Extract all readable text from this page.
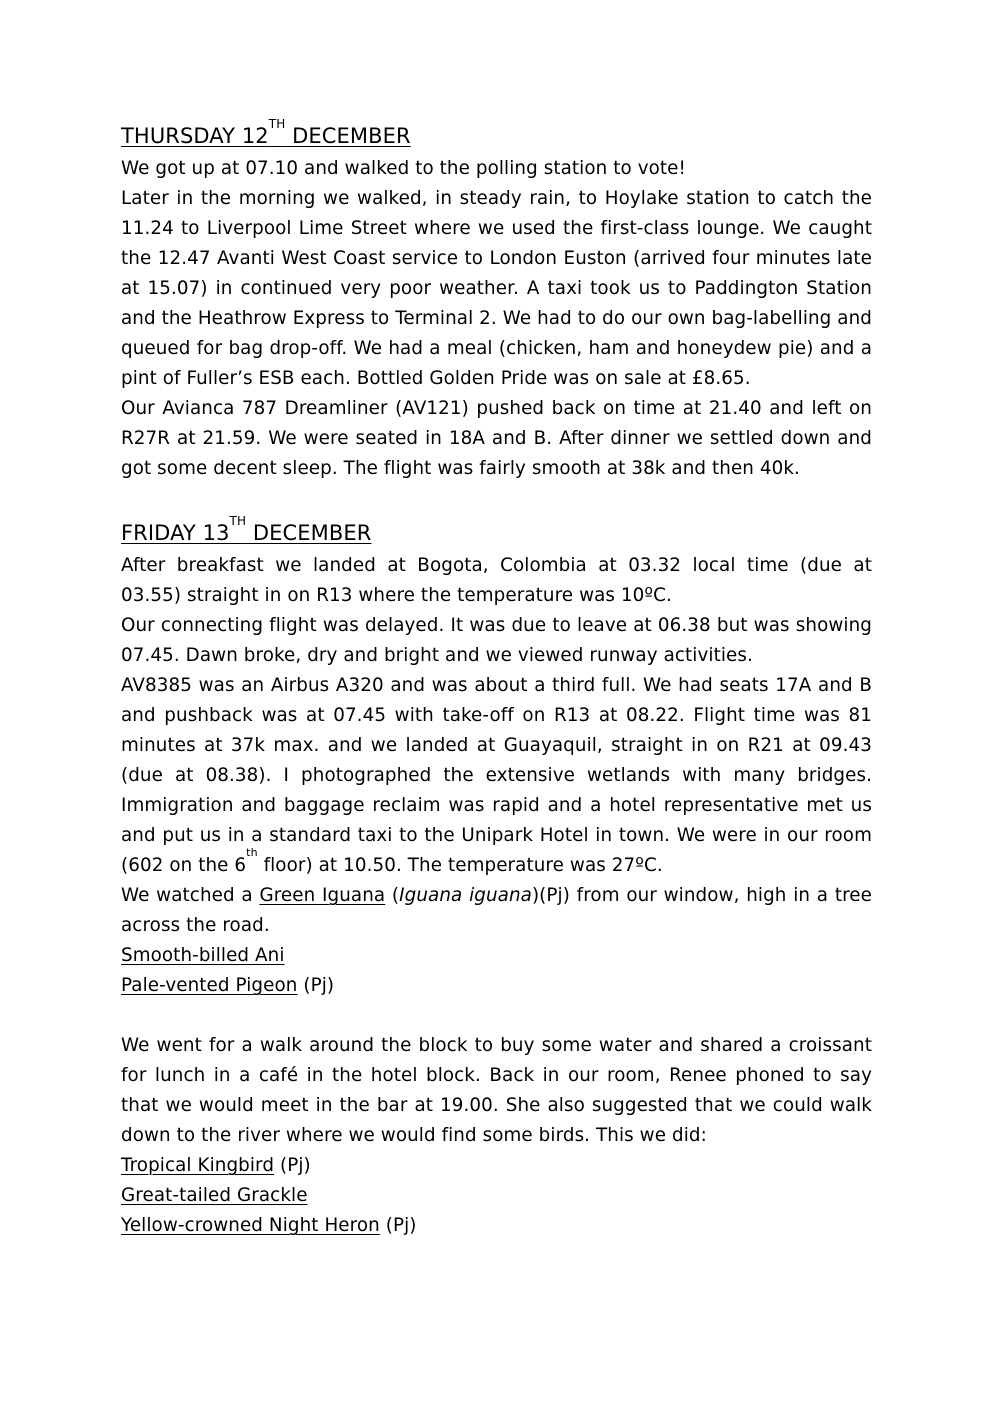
THURSDAY 12TH DECEMBER

We got up at 07.10 and walked to the polling station to vote!

Later in the morning we walked, in steady rain, to Hoylake station to catch the 11.24 to Liverpool Lime Street where we used the first-class lounge. We caught the 12.47 Avanti West Coast service to London Euston (arrived four minutes late at 15.07) in continued very poor weather. A taxi took us to Paddington Station and the Heathrow Express to Terminal 2. We had to do our own bag-labelling and queued for bag drop-off. We had a meal (chicken, ham and honeydew pie) and a pint of Fuller’s ESB each. Bottled Golden Pride was on sale at £8.65.

Our Avianca 787 Dreamliner (AV121) pushed back on time at 21.40 and left on R27R at 21.59. We were seated in 18A and B. After dinner we settled down and got some decent sleep. The flight was fairly smooth at 38k and then 40k.

FRIDAY 13TH DECEMBER

After breakfast we landed at Bogota, Colombia at 03.32 local time (due at 03.55) straight in on R13 where the temperature was 10ºC.

Our connecting flight was delayed. It was due to leave at 06.38 but was showing 07.45. Dawn broke, dry and bright and we viewed runway activities.

AV8385 was an Airbus A320 and was about a third full. We had seats 17A and B and pushback was at 07.45 with take-off on R13 at 08.22. Flight time was 81 minutes at 37k max. and we landed at Guayaquil, straight in on R21 at 09.43 (due at 08.38). I photographed the extensive wetlands with many bridges. Immigration and baggage reclaim was rapid and a hotel representative met us and put us in a standard taxi to the Unipark Hotel in town. We were in our room (602 on the 6th floor) at 10.50. The temperature was 27ºC.

We watched a Green Iguana (Iguana iguana)(Pj) from our window, high in a tree across the road.

Smooth-billed Ani

Pale-vented Pigeon (Pj)

We went for a walk around the block to buy some water and shared a croissant for lunch in a café in the hotel block. Back in our room, Renee phoned to say that we would meet in the bar at 19.00. She also suggested that we could walk down to the river where we would find some birds. This we did:

Tropical Kingbird (Pj)

Great-tailed Grackle

Yellow-crowned Night Heron (Pj)
